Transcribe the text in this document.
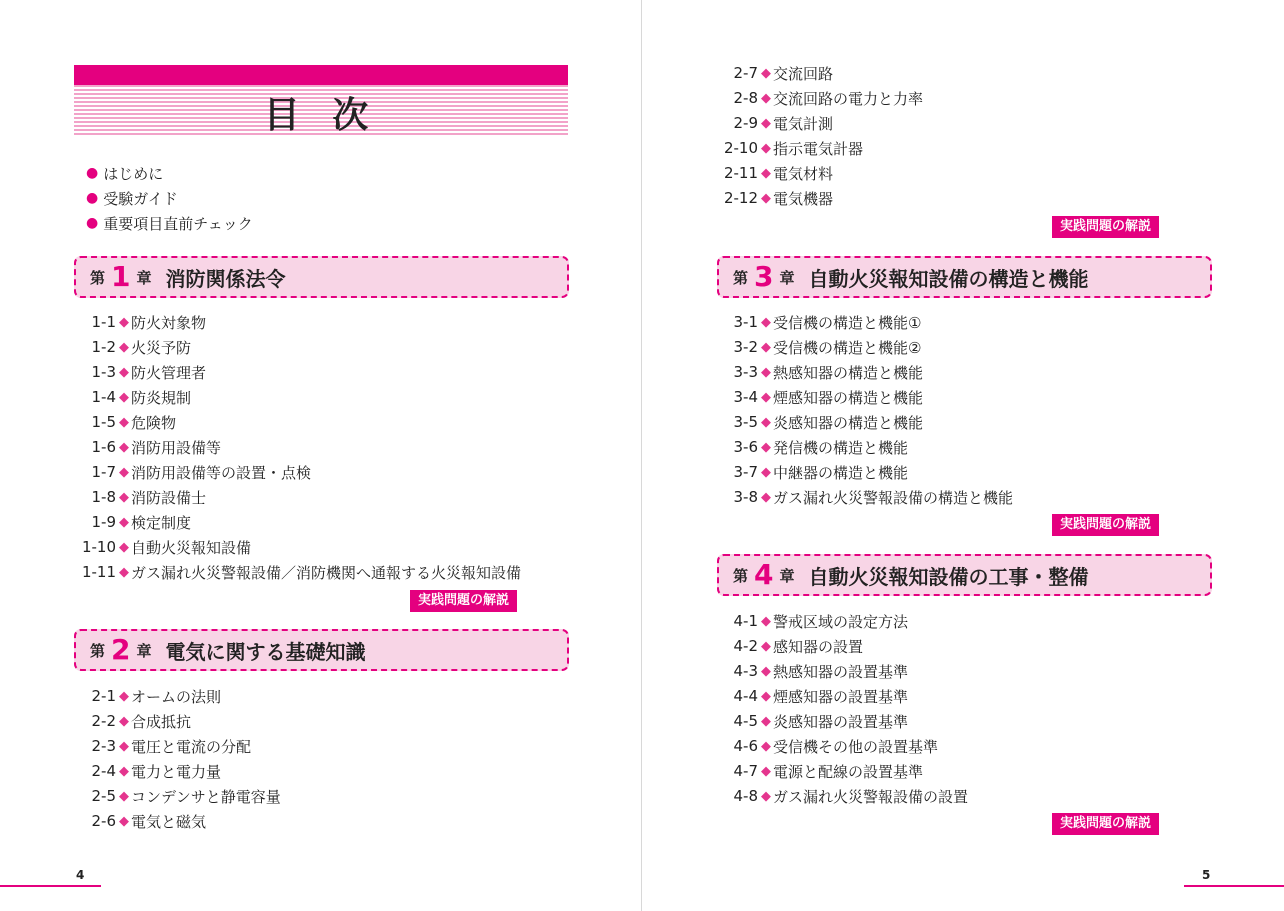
目 次
4	5
● はじめに
● 受験ガイド
● 重要項目直前チェック
1-1 ◆ 防火対象物
1-2 ◆ 火災予防
1-3 ◆ 防火管理者
1-4 ◆ 防炎規制
1-5 ◆ 危険物
1-6 ◆ 消防用設備等
1-7 ◆ 消防用設備等の設置・点検
1-8 ◆ 消防設備士
1-9 ◆ 検定制度
1-10 ◆ 自動火災報知設備
1-11 ◆ ガス漏れ火災警報設備／消防機関へ通報する火災報知設備
2-1 ◆ オームの法則
2-2 ◆ 合成抵抗
2-3 ◆ 電圧と電流の分配
2-4 ◆ 電力と電力量
2-5 ◆ コンデンサと静電容量
2-6 ◆ 電気と磁気
2-7 ◆ 交流回路
2-8 ◆ 交流回路の電力と力率
2-9 ◆ 電気計測
2-10 ◆ 指示電気計器
2-11 ◆ 電気材料
2-12 ◆ 電気機器
3-1 ◆ 受信機の構造と機能①
3-2 ◆ 受信機の構造と機能②
3-3 ◆ 熱感知器の構造と機能
3-4 ◆ 煙感知器の構造と機能
3-5 ◆ 炎感知器の構造と機能
3-6 ◆ 発信機の構造と機能
3-7 ◆ 中継器の構造と機能
3-8 ◆ ガス漏れ火災警報設備の構造と機能
4-1 ◆ 警戒区域の設定方法
4-2 ◆ 感知器の設置
4-3 ◆ 熱感知器の設置基準
4-4 ◆ 煙感知器の設置基準
4-5 ◆ 炎感知器の設置基準
4-6 ◆ 受信機その他の設置基準
4-7 ◆ 電源と配線の設置基準
4-8 ◆ ガス漏れ火災警報設備の設置
第 1 章 消防関係法令
第 2 章 電気に関する基礎知識
第 3 章 自動火災報知設備の構造と機能
第 4 章 自動火災報知設備の工事・整備
実践問題の解説
実践問題の解説
実践問題の解説
実践問題の解説
